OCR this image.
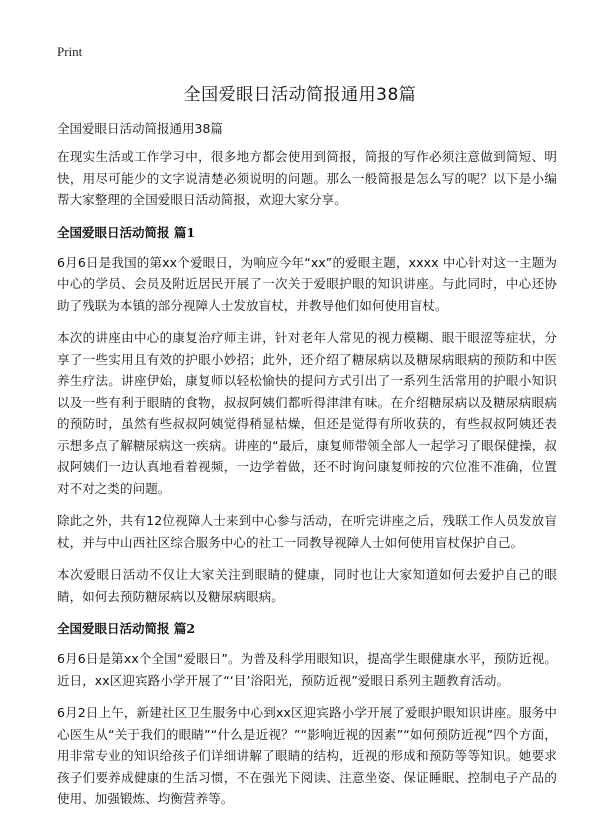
Print
全国爱眼日活动简报通用38篇

全国爱眼日活动简报通用38篇

在现实生活或工作学习中，很多地方都会使用到简报，简报的写作必须注意做到简短、明快，用尽可能少的文字说清楚必须说明的问题。那么一般简报是怎么写的呢？以下是小编帮大家整理的全国爱眼日活动简报，欢迎大家分享。

全国爱眼日活动简报 篇1

6月6日是我国的第xx个爱眼日，为响应今年“xx”的爱眼主题，xxxx 中心针对这一主题为中心的学员、会员及附近居民开展了一次关于爱眼护眼的知识讲座。与此同时，中心还协助了残联为本镇的部分视障人士发放盲杖，并教导他们如何使用盲杖。

本次的讲座由中心的康复治疗师主讲，针对老年人常见的视力模糊、眼干眼涩等症状，分享了一些实用且有效的护眼小妙招；此外，还介绍了糖尿病以及糖尿病眼病的预防和中医养生疗法。讲座伊始，康复师以轻松愉快的提问方式引出了一系列生活常用的护眼小知识以及一些有利于眼睛的食物，叔叔阿姨们都听得津津有味。在介绍糖尿病以及糖尿病眼病的预防时，虽然有些叔叔阿姨觉得稍显枯燥，但还是觉得有所收获的，有些叔叔阿姨还表示想多点了解糖尿病这一疾病。讲座的“最后，康复师带领全部人一起学习了眼保健操，叔叔阿姨们一边认真地看着视频，一边学着做，还不时询问康复师按的穴位准不准确，位置对不对之类的问题。

除此之外，共有12位视障人士来到中心参与活动，在听完讲座之后，残联工作人员发放盲杖，并与中山西社区综合服务中心的社工一同教导视障人士如何使用盲杖保护自己。

本次爱眼日活动不仅让大家关注到眼睛的健康，同时也让大家知道如何去爱护自己的眼睛，如何去预防糖尿病以及糖尿病眼病。

全国爱眼日活动简报 篇2

6月6日是第xx个全国“爱眼日”。为普及科学用眼知识，提高学生眼健康水平，预防近视。近日，xx区迎宾路小学开展了“‘目’浴阳光，预防近视”爱眼日系列主题教育活动。

6月2日上午，新建社区卫生服务中心到xx区迎宾路小学开展了爱眼护眼知识讲座。服务中心医生从“关于我们的眼睛”“什么是近视？”“影响近视的因素”“如何预防近视”四个方面，用非常专业的知识给孩子们详细讲解了眼睛的结构，近视的形成和预防等等知识。她要求孩子们要养成健康的生活习惯，不在强光下阅读、注意坐姿、保证睡眠、控制电子产品的使用、加强锻炼、均衡营养等。
